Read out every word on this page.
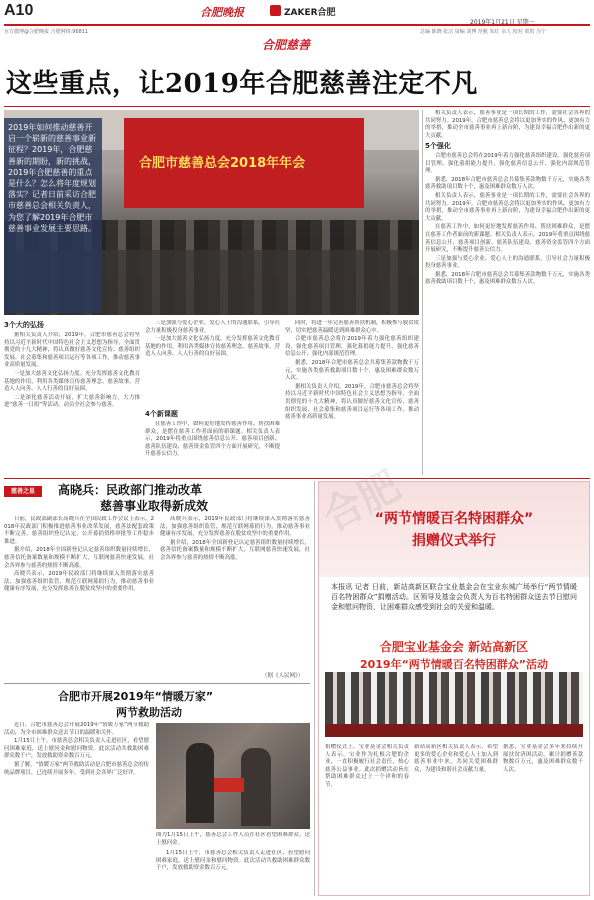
A10	合肥晚报	ZAKER合肥
2019年1月21日 星期一
官方微博@合肥晚报 合肥网络:96811	总编 陈晓 张洁 周编 刘博 范帆 朱红 余人 校对 贾筑 为宁
合肥慈善
这些重点，让2019年合肥慈善注定不凡
合肥市慈善总会2018年年会
2019年如何推动慈善开启一个崭新的慈善事业新征程？2019年，合肥慈善新的期盼，新的挑战，2019年合肥慈善的重点是什么？怎么将年度规划落实？记者日前采访合肥市慈善总会相关负责人，为您了解2019年合肥市慈善事业发展主要思路。

相关负责人表示，慈善事业是一项长期的工作，需要社会各界的共同努力。2019年，合肥市慈善总会将以更加务实的作风、更加有力的举措，推动全市慈善事业再上新台阶，为建设幸福合肥作出新的更大贡献。

5个强化

合肥市慈善总会将在2019年着力强化慈善组织建设、强化慈善项目管理、强化募捐能力提升、强化慈善信息公开、强化内部规范管理。

据悉，2018年合肥市慈善总会共募集善款物数千万元，实施各类慈善救助项目数十个，惠及困难群众数万人次。

相关负责人表示，慈善事业是一项长期的工作，需要社会各界的共同努力。2019年，合肥市慈善总会将以更加务实的作风、更加有力的举措，推动全市慈善事业再上新台阶，为建设幸福合肥作出新的更大贡献。

在慈善工作中，如何更好地发挥慈善作用、帮扶困难群众，是摆在慈善工作者面前的新课题。相关负责人表示，2019年将重点围绕慈善信息公开、慈善项目创新、慈善队伍建设、慈善资金监管四个方面开展研究，不断提升慈善公信力。

三是加强与爱心企业、爱心人士的沟通联系，引导社会力量积极投身慈善事业。

据悉，2018年合肥市慈善总会共募集善款物数千万元，实施各类慈善救助项目数十个，惠及困难群众数万人次。

3个大的弘扬

据相关负责人介绍，2019年，合肥市慈善总会将坚持以习近平新时代中国特色社会主义思想为指导，全面贯彻党的十九大精神，将认真做好慈善文化宣传、慈善组织发展、社会募集和慈善项目运行等各项工作，推动慈善事业高质量发展。

一是加大慈善文化弘扬力度。充分发挥慈善文化教育基地的作用，利用各类媒体宣传慈善理念、慈善故事，营造人人向善、人人行善的良好氛围。

二是深化慈善活动开展，扩大慈善影响力，大力推进“慈善一日捐”等活动，动员全社会参与慈善。

三是加强与爱心企业、爱心人士的沟通联系，引导社会力量积极投身慈善事业。

一是加大慈善文化弘扬力度。充分发挥慈善文化教育基地的作用，利用各类媒体宣传慈善理念、慈善故事，营造人人向善、人人行善的良好氛围。

4个新课题

在慈善工作中，如何更好地发挥慈善作用、帮扶困难群众，是摆在慈善工作者面前的新课题。相关负责人表示，2019年将重点围绕慈善信息公开、慈善项目创新、慈善队伍建设、慈善资金监管四个方面开展研究，不断提升慈善公信力。

同时，将进一步完善慈善帮扶机制，积极参与脱贫攻坚，切实把慈善温暖送到困难群众心中。

合肥市慈善总会将在2019年着力强化慈善组织建设、强化慈善项目管理、强化募捐能力提升、强化慈善信息公开、强化内部规范管理。

据悉，2018年合肥市慈善总会共募集善款物数千万元，实施各类慈善救助项目数十个，惠及困难群众数万人次。

据相关负责人介绍，2019年，合肥市慈善总会将坚持以习近平新时代中国特色社会主义思想为指导，全面贯彻党的十九大精神，将认真做好慈善文化宣传、慈善组织发展、社会募集和慈善项目运行等各项工作，推动慈善事业高质量发展。

慈善之星	高晓兵：民政部门推动改革
慈善事业取得新成效

日前，民政部副部长高晓兵在全国民政工作会议上表示，2018年民政部门积极推进慈善事业改革发展，慈善法配套政策不断完善，慈善组织登记认定、公开募捐资格审批等工作稳步推进。

据介绍，2018年全国新登记认定慈善组织数量持续增长，慈善信托备案数量和规模不断扩大，互联网慈善快速发展，社会各界参与慈善的热情不断高涨。

高晓兵表示，2019年民政部门将继续深入贯彻落实慈善法，加强慈善组织监管，规范互联网募捐行为，推动慈善事业健康有序发展，充分发挥慈善在脱贫攻坚中的重要作用。

高晓兵表示，2019年民政部门将继续深入贯彻落实慈善法，加强慈善组织监管，规范互联网募捐行为，推动慈善事业健康有序发展，充分发挥慈善在脱贫攻坚中的重要作用。

据介绍，2018年全国新登记认定慈善组织数量持续增长，慈善信托备案数量和规模不断扩大，互联网慈善快速发展，社会各界参与慈善的热情不断高涨。

（据《人民网》）
合肥市开展2019年“情暖万家”
两节救助活动

近日，合肥市慈善总会开展2019年“情暖万家”两节救助活动，为全市困难群众送去节日的温暖和关怀。

1月15日上午，市慈善总会相关负责人走进社区，看望慰问困难家庭，送上慰问金和慰问物资。此次活动共救助困难群众数千户，发放救助资金数百万元。

据了解，“情暖万家”两节救助活动是合肥市慈善总会的传统品牌项目，已连续开展多年，受到社会各界广泛好评。

图为1月15日上午，慈善总会工作人员在社区看望困难群众，送上慰问金。

1月15日上午，市慈善总会相关负责人走进社区，看望慰问困难家庭，送上慰问金和慰问物资。此次活动共救助困难群众数千户，发放救助资金数百万元。

“两节情暖百名特困群众”
捐赠仪式举行
本报讯 记者 日前，新站高新区联合宝业基金会在宝业东城广场举行“两节情暖百名特困群众”捐赠活动。区领导及基金会负责人为百名特困群众送去节日慰问金和慰问物资，让困难群众感受到社会的关爱和温暖。
合肥宝业基金会 新站高新区
2019年“两节情暖百名特困群众”活动
捐赠仪式上，宝业基金会相关负责人表示，宝业作为扎根合肥的企业，一直积极履行社会责任，热心慈善公益事业。此次捐赠活动旨在帮助困难群众过上一个祥和的春节。
新站高新区相关负责人表示，希望更多的爱心企业和爱心人士加入到慈善事业中来，共同关爱困难群众，为建设和谐社会贡献力量。
据悉，宝业基金会多年来持续开展扶贫济困活动，累计捐赠善款物数百万元，惠及困难群众数千人次。
合肥
